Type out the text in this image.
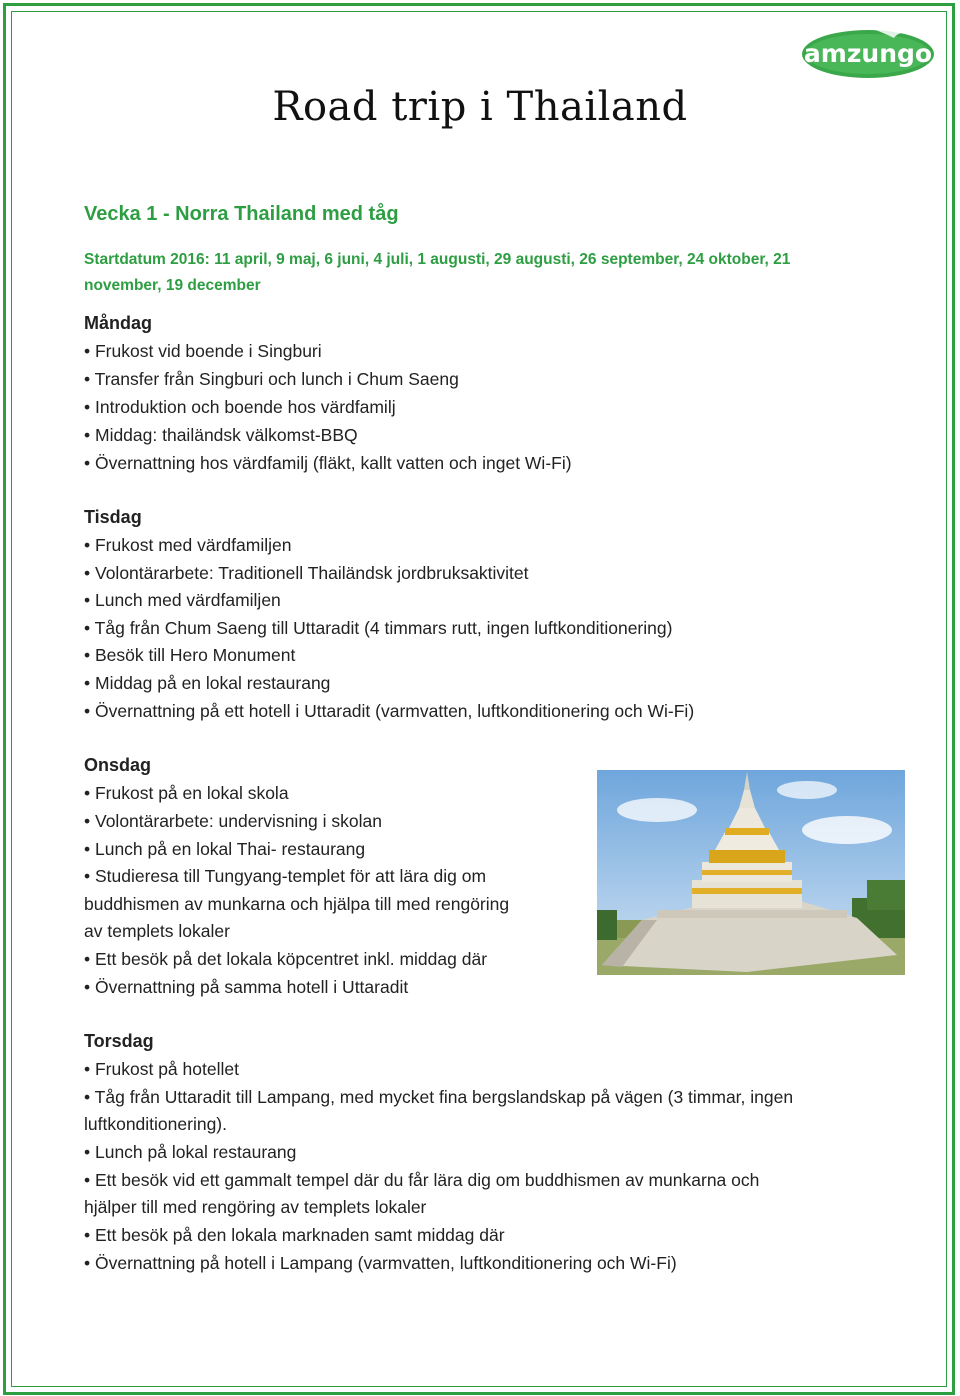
amzungo
Road trip i Thailand
Vecka 1 - Norra Thailand med tåg
Startdatum 2016: 11 april, 9 maj, 6 juni, 4 juli, 1 augusti, 29 augusti, 26 september, 24 oktober, 21
november, 19 december
Måndag
• Frukost vid boende i Singburi
• Transfer från Singburi och lunch i Chum Saeng
• Introduktion och boende hos värdfamilj
• Middag: thailändsk välkomst-BBQ
• Övernattning hos värdfamilj (fläkt, kallt vatten och inget Wi-Fi)
Tisdag
• Frukost med värdfamiljen
• Volontärarbete: Traditionell Thailändsk jordbruksaktivitet
• Lunch med värdfamiljen
• Tåg från Chum Saeng till Uttaradit (4 timmars rutt, ingen luftkonditionering)
• Besök till Hero Monument
• Middag på en lokal restaurang
• Övernattning på ett hotell i Uttaradit (varmvatten, luftkonditionering och Wi-Fi)
Onsdag
• Frukost på en lokal skola
• Volontärarbete: undervisning i skolan
• Lunch på en lokal Thai- restaurang
• Studieresa till Tungyang-templet för att lära dig om
buddhismen av munkarna och hjälpa till med rengöring
av templets lokaler
• Ett besök på det lokala köpcentret inkl. middag där
• Övernattning på samma hotell i Uttaradit
Torsdag
• Frukost på hotellet
• Tåg från Uttaradit till Lampang, med mycket fina bergslandskap på vägen (3 timmar, ingen
luftkonditionering).
• Lunch på lokal restaurang
• Ett besök vid ett gammalt tempel där du får lära dig om buddhismen av munkarna och
hjälper till med rengöring av templets lokaler
• Ett besök på den lokala marknaden samt middag där
• Övernattning på hotell i Lampang (varmvatten, luftkonditionering och Wi-Fi)
